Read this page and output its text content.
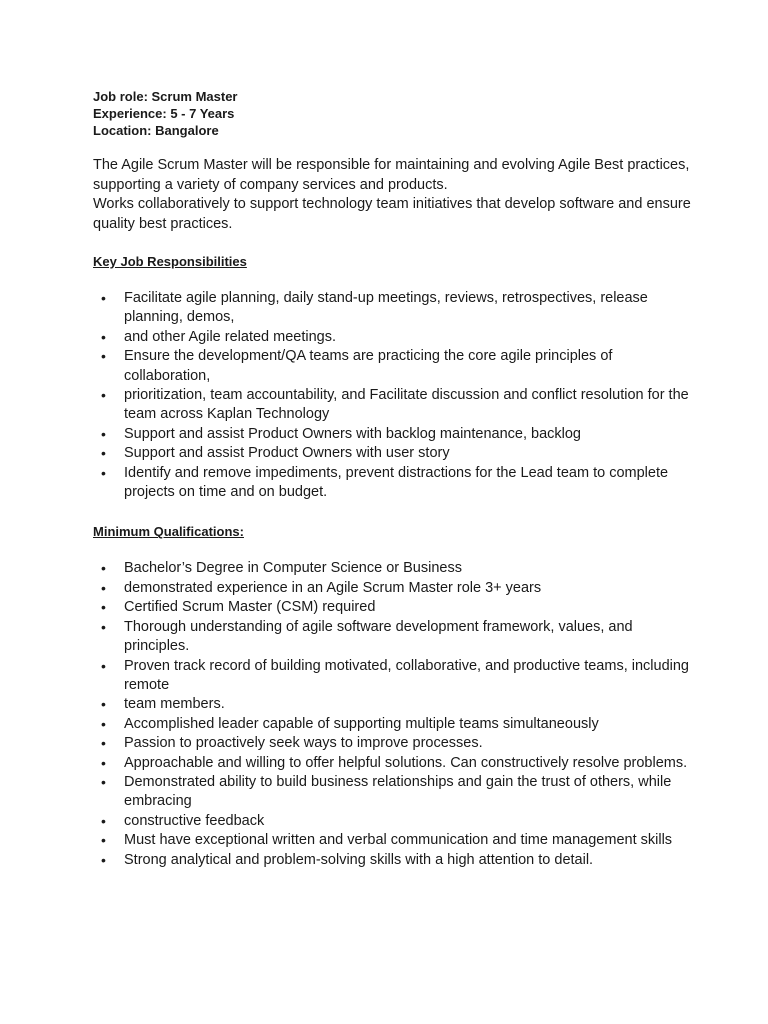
Job role: Scrum Master
Experience: 5 - 7 Years
Location: Bangalore
The Agile Scrum Master will be responsible for maintaining and evolving Agile Best practices, supporting a variety of company services and products.
Works collaboratively to support technology team initiatives that develop software and ensure quality best practices.
Key Job Responsibilities
• Facilitate agile planning, daily stand-up meetings, reviews, retrospectives, release planning, demos,
• and other Agile related meetings.
• Ensure the development/QA teams are practicing the core agile principles of collaboration,
• prioritization, team accountability, and Facilitate discussion and conflict resolution for the team across Kaplan Technology
• Support and assist Product Owners with backlog maintenance, backlog
• Support and assist Product Owners with user story
• Identify and remove impediments, prevent distractions for the Lead team to complete projects on time and on budget.
Minimum Qualifications:
• Bachelor’s Degree in Computer Science or Business
• demonstrated experience in an Agile Scrum Master role 3+ years
• Certified Scrum Master (CSM) required
• Thorough understanding of agile software development framework, values, and principles.
• Proven track record of building motivated, collaborative, and productive teams, including remote
• team members.
• Accomplished leader capable of supporting multiple teams simultaneously
• Passion to proactively seek ways to improve processes.
• Approachable and willing to offer helpful solutions. Can constructively resolve problems.
• Demonstrated ability to build business relationships and gain the trust of others, while embracing
• constructive feedback
• Must have exceptional written and verbal communication and time management skills
• Strong analytical and problem-solving skills with a high attention to detail.
